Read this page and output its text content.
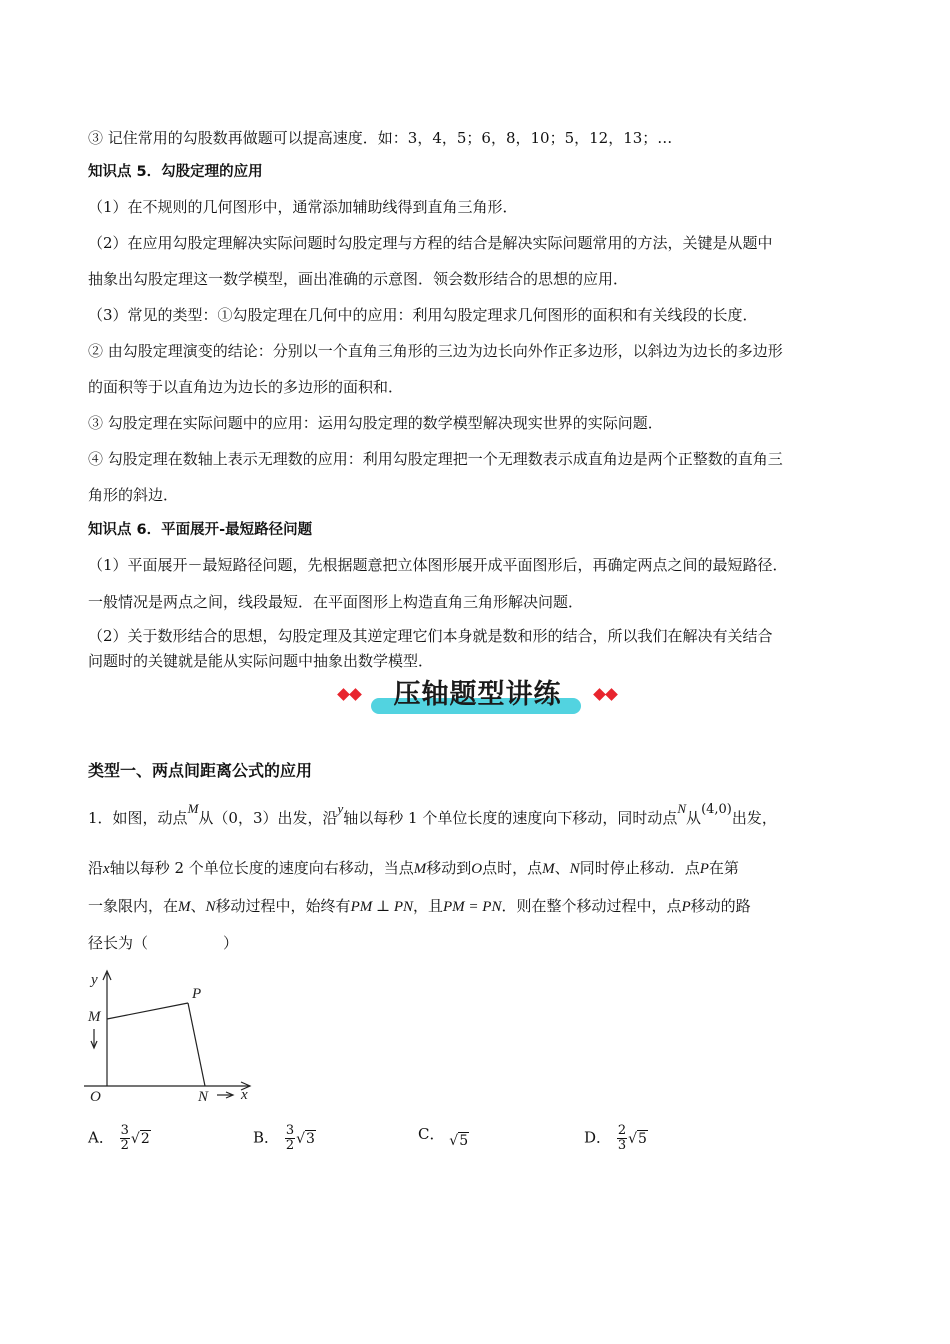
③ 记住常用的勾股数再做题可以提高速度．如：3，4，5；6，8，10；5，12，13；…
知识点 5．勾股定理的应用
（1）在不规则的几何图形中，通常添加辅助线得到直角三角形．
（2）在应用勾股定理解决实际问题时勾股定理与方程的结合是解决实际问题常用的方法，关键是从题中
抽象出勾股定理这一数学模型，画出准确的示意图．领会数形结合的思想的应用．
（3）常见的类型：①勾股定理在几何中的应用：利用勾股定理求几何图形的面积和有关线段的长度．
② 由勾股定理演变的结论：分别以一个直角三角形的三边为边长向外作正多边形，以斜边为边长的多边形
的面积等于以直角边为边长的多边形的面积和．
③ 勾股定理在实际问题中的应用：运用勾股定理的数学模型解决现实世界的实际问题．
④ 勾股定理在数轴上表示无理数的应用：利用勾股定理把一个无理数表示成直角边是两个正整数的直角三
角形的斜边．
知识点 6．平面展开-最短路径问题
（1）平面展开－最短路径问题，先根据题意把立体图形展开成平面图形后，再确定两点之间的最短路径．
一般情况是两点之间，线段最短．在平面图形上构造直角三角形解决问题．
（2）关于数形结合的思想，勾股定理及其逆定理它们本身就是数和形的结合，所以我们在解决有关结合
问题时的关键就是能从实际问题中抽象出数学模型．
压轴题型讲练
类型一、两点间距离公式的应用
1．如图，动点M从（0，3）出发，沿y轴以每秒 1 个单位长度的速度向下移动，同时动点N从(4,0)出发，
沿x轴以每秒 2 个单位长度的速度向右移动，当点M移动到O点时，点M、N同时停止移动．点P在第
一象限内，在M、N移动过程中，始终有PM ⊥ PN，且PM = PN．则在整个移动过程中，点P移动的路
径长为（　　　　　）
y
M
P
O	N x
A． $\frac{3}{2} √2$	B． $\frac{3}{2} √3$	C． √5	D． $\frac{2}{3} √5$
